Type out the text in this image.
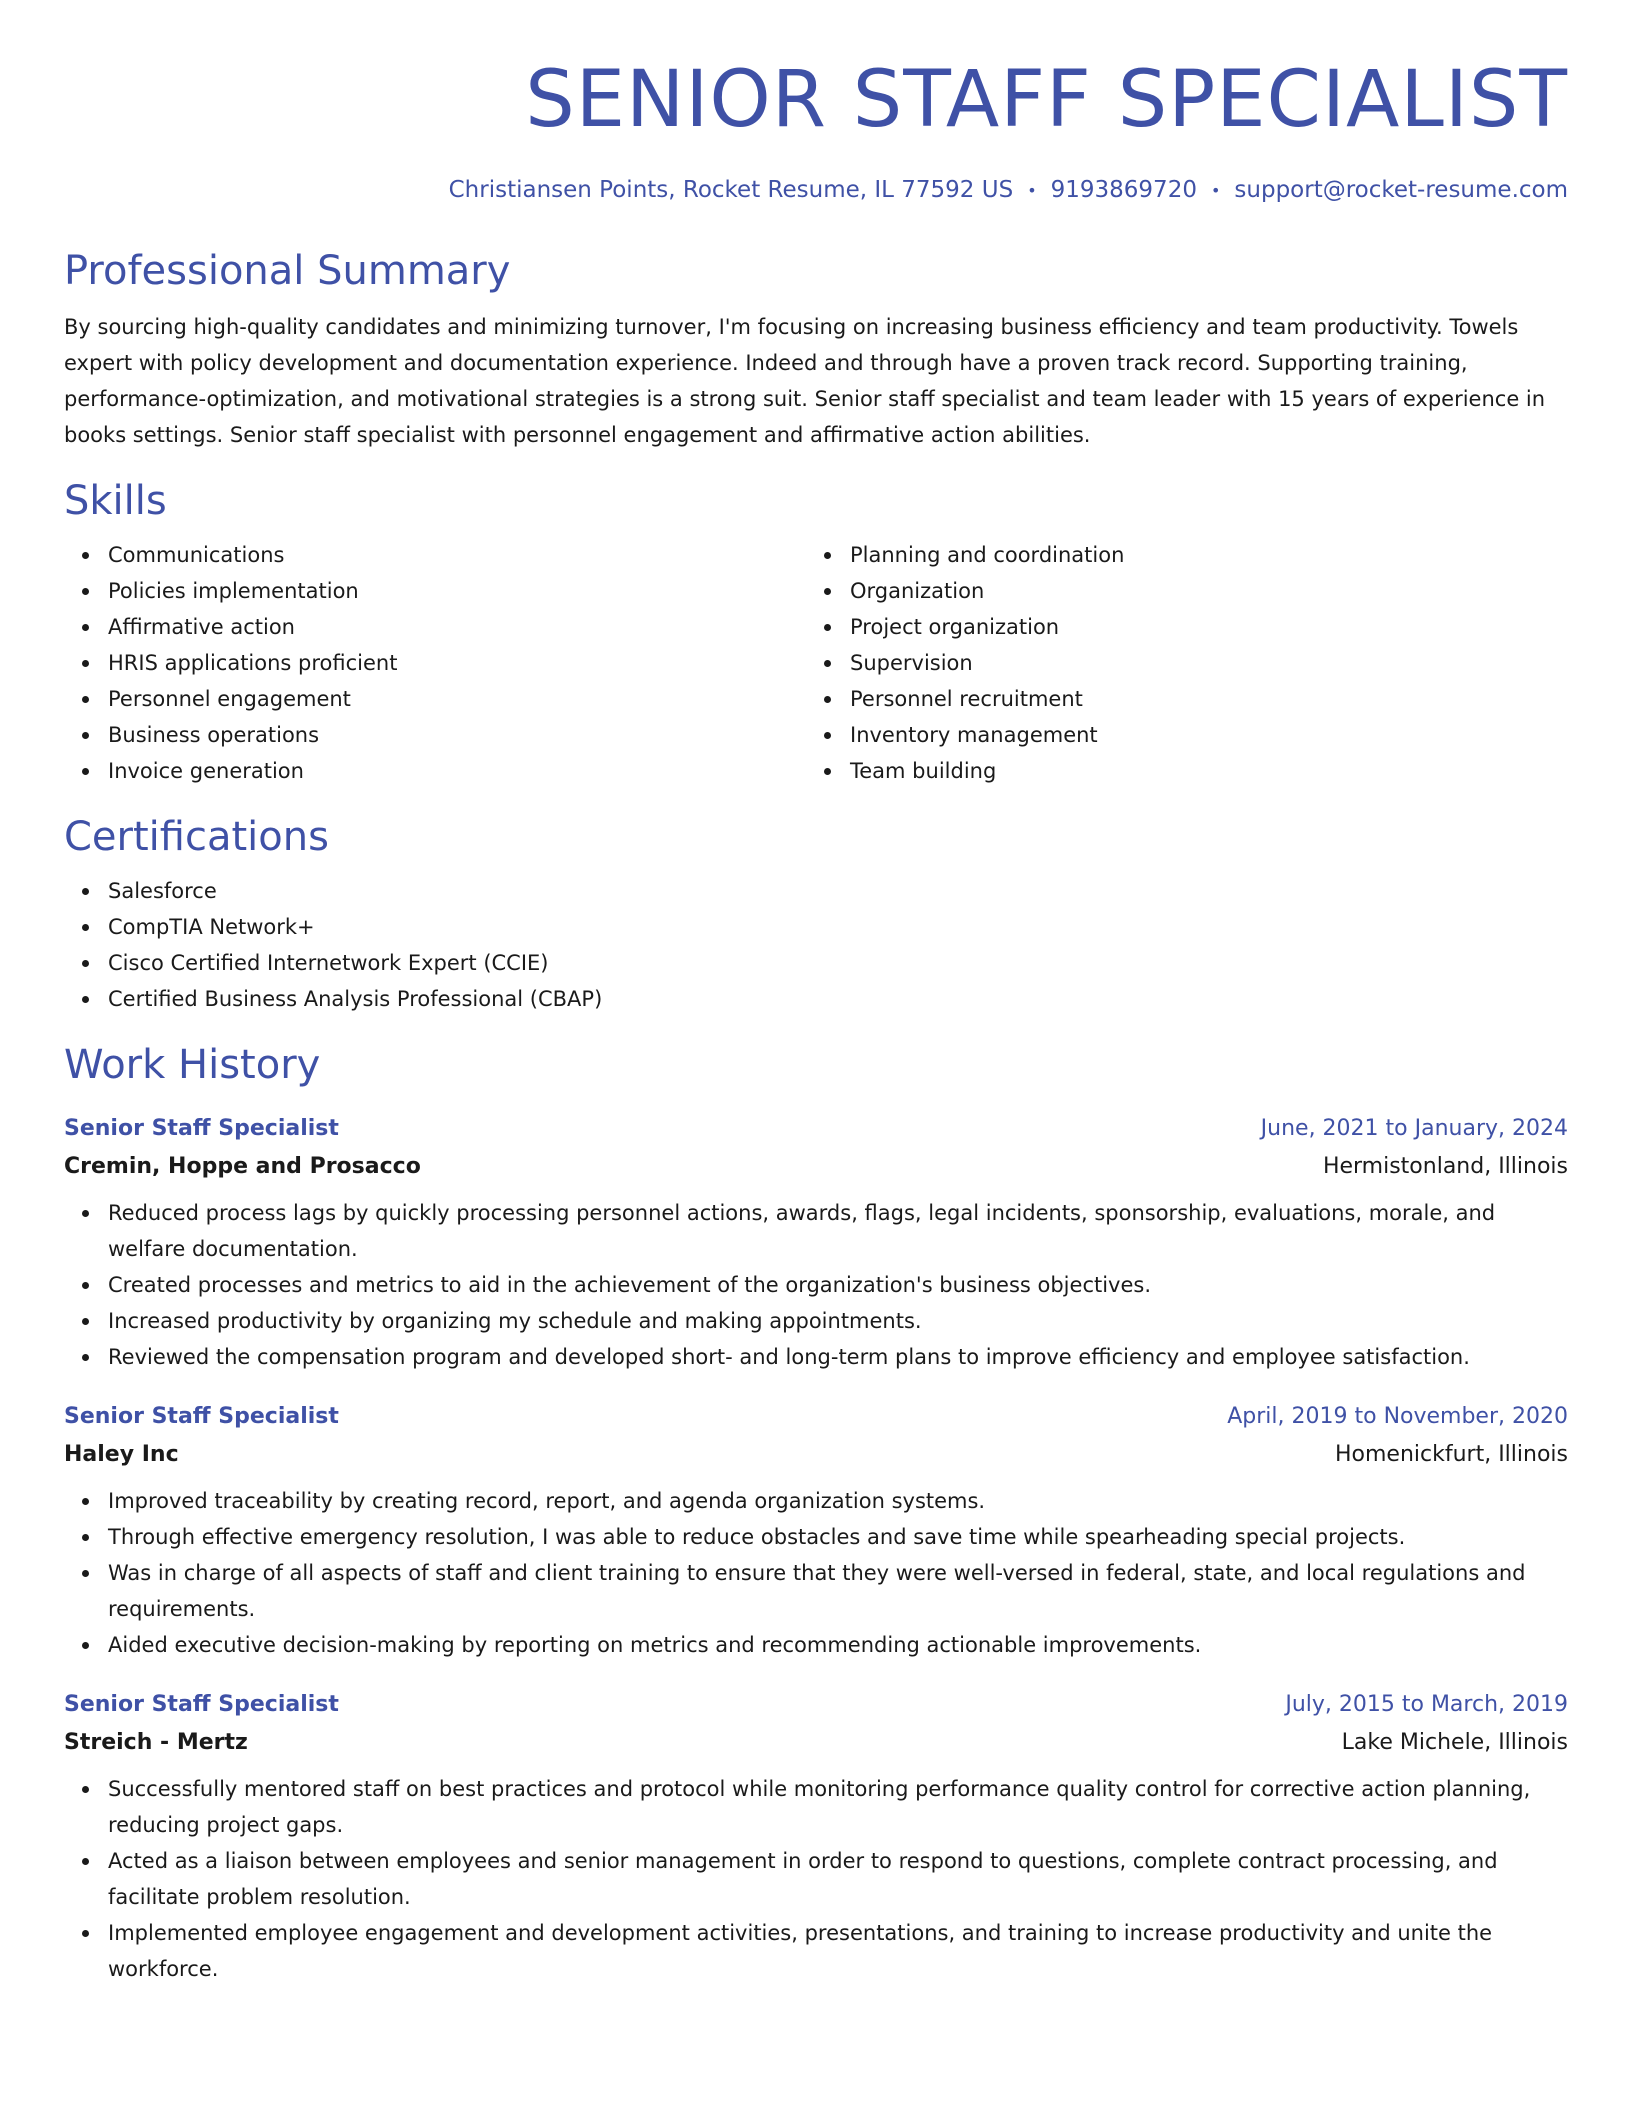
SENIOR STAFF SPECIALIST
Christiansen Points, Rocket Resume, IL 77592 US • 9193869720 • support@rocket-resume.com
Professional Summary
By sourcing high-quality candidates and minimizing turnover, I'm focusing on increasing business efficiency and team productivity. Towels expert with policy development and documentation experience. Indeed and through have a proven track record. Supporting training, performance-optimization, and motivational strategies is a strong suit. Senior staff specialist and team leader with 15 years of experience in books settings. Senior staff specialist with personnel engagement and affirmative action abilities.
Skills
Communications
Policies implementation
Affirmative action
HRIS applications proficient
Personnel engagement
Business operations
Invoice generation
Planning and coordination
Organization
Project organization
Supervision
Personnel recruitment
Inventory management
Team building
Certifications
Salesforce
CompTIA Network+
Cisco Certified Internetwork Expert (CCIE)
Certified Business Analysis Professional (CBAP)
Work History
Senior Staff Specialist	June, 2021 to January, 2024
Cremin, Hoppe and Prosacco	Hermistonland, Illinois
Reduced process lags by quickly processing personnel actions, awards, flags, legal incidents, sponsorship, evaluations, morale, and welfare documentation.
Created processes and metrics to aid in the achievement of the organization's business objectives.
Increased productivity by organizing my schedule and making appointments.
Reviewed the compensation program and developed short- and long-term plans to improve efficiency and employee satisfaction.
Senior Staff Specialist	April, 2019 to November, 2020
Haley Inc	Homenickfurt, Illinois
Improved traceability by creating record, report, and agenda organization systems.
Through effective emergency resolution, I was able to reduce obstacles and save time while spearheading special projects.
Was in charge of all aspects of staff and client training to ensure that they were well-versed in federal, state, and local regulations and requirements.
Aided executive decision-making by reporting on metrics and recommending actionable improvements.
Senior Staff Specialist	July, 2015 to March, 2019
Streich - Mertz	Lake Michele, Illinois
Successfully mentored staff on best practices and protocol while monitoring performance quality control for corrective action planning, reducing project gaps.
Acted as a liaison between employees and senior management in order to respond to questions, complete contract processing, and facilitate problem resolution.
Implemented employee engagement and development activities, presentations, and training to increase productivity and unite the workforce.
